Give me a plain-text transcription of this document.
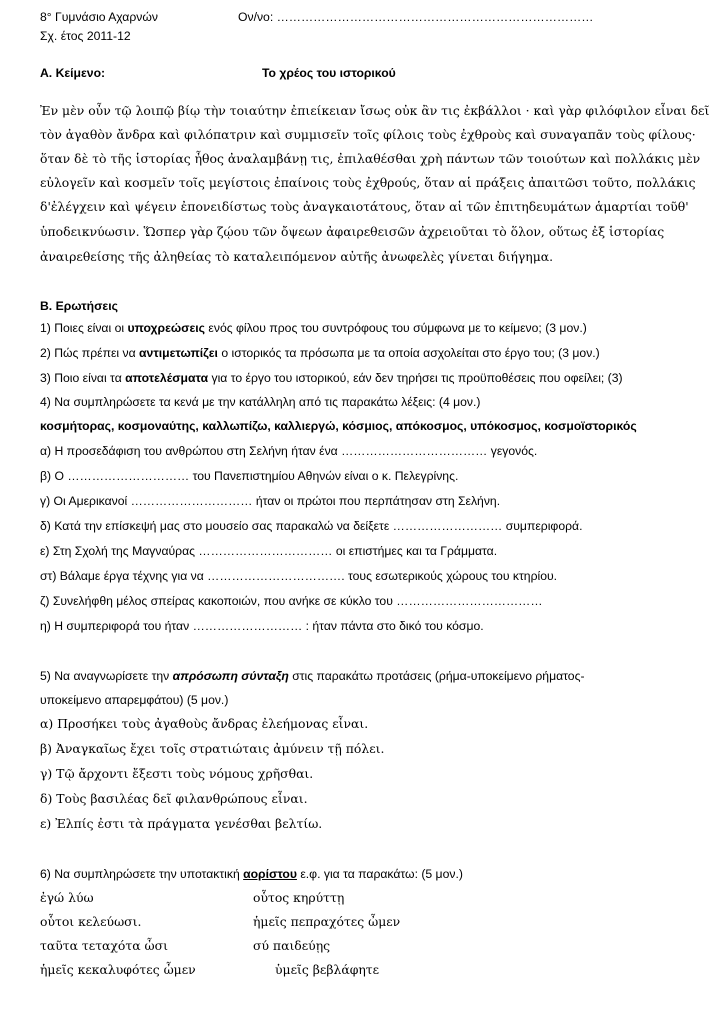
8° Γυμνάσιο Αχαρνών	Ον/νο: ……………………………………………………………………
Σχ. έτος 2011-12
Α. Κείμενο:	Το χρέος του ιστορικού
Ἐν μὲν οὖν τῷ λοιπῷ βίῳ τὴν τοιαύτην ἐπιείκειαν ἴσως οὐκ ἂν τις ἐκβάλλοι · καὶ γὰρ φιλόφιλον εἶναι δεῖ
τὸν ἀγαθὸν ἄνδρα καὶ φιλόπατριν καὶ συμμισεῖν τοῖς φίλοις τοὺς ἐχθροὺς καὶ συναγαπᾶν τοὺς φίλους·
ὅταν δὲ τὸ τῆς ἱστορίας ἦθος ἀναλαμβάνῃ τις, ἐπιλαθέσθαι χρὴ πάντων τῶν τοιούτων καὶ πολλάκις μὲν
εὐλογεῖν καὶ κοσμεῖν τοῖς μεγίστοις ἐπαίνοις τοὺς ἐχθρούς, ὅταν αἱ πράξεις ἀπαιτῶσι τοῦτο, πολλάκις
δ'ἐλέγχειν καὶ ψέγειν ἐπονειδίστως τοὺς ἀναγκαιοτάτους, ὅταν αἱ τῶν ἐπιτηδευμάτων ἁμαρτίαι τοῦθ'
ὑποδεικνύωσιν. Ὥσπερ γὰρ ζῴου τῶν ὄψεων ἀφαιρεθεισῶν ἀχρειοῦται τὸ ὅλον, οὕτως ἐξ ἱστορίας
ἀναιρεθείσης τῆς ἀληθείας τὸ καταλειπόμενον αὐτῆς ἀνωφελὲς γίνεται διήγημα.
Β. Ερωτήσεις
1) Ποιες είναι οι υποχρεώσεις ενός φίλου προς του συντρόφους του σύμφωνα με το κείμενο; (3 μον.)
2) Πώς πρέπει να αντιμετωπίζει ο ιστορικός τα πρόσωπα με τα οποία ασχολείται στο έργο του; (3 μον.)
3) Ποιο είναι τα αποτελέσματα για το έργο του ιστορικού, εάν δεν τηρήσει τις προϋποθέσεις που οφείλει; (3)
4) Να συμπληρώσετε τα κενά με την κατάλληλη από τις παρακάτω λέξεις: (4 μον.)
κοσμήτορας, κοσμοναύτης, καλλωπίζω, καλλιεργώ, κόσμιος, απόκοσμος, υπόκοσμος, κοσμοϊστορικός
α) Η προσεδάφιση του ανθρώπου στη Σελήνη ήταν ένα ……………………………… γεγονός.
β) Ο ………………………… του Πανεπιστημίου Αθηνών είναι ο κ. Πελεγρίνης.
γ) Οι Αμερικανοί ………………………… ήταν οι πρώτοι που περπάτησαν στη Σελήνη.
δ) Κατά την επίσκεψή μας στο μουσείο σας παρακαλώ να δείξετε ……………………… συμπεριφορά.
ε) Στη Σχολή της Μαγναύρας …………………………… οι επιστήμες και τα Γράμματα.
στ) Βάλαμε έργα τέχνης για να ……………………………. τους εσωτερικούς χώρους του κτηρίου.
ζ) Συνελήφθη μέλος σπείρας κακοποιών, που ανήκε σε κύκλο του ………………………………
η) Η συμπεριφορά του ήταν ……………………… : ήταν πάντα στο δικό του κόσμο.
5) Να αναγνωρίσετε την απρόσωπη σύνταξη στις παρακάτω προτάσεις (ρήμα-υποκείμενο ρήματος-
υποκείμενο απαρεμφάτου) (5 μον.)
α) Προσήκει τοὺς ἀγαθοὺς ἄνδρας ἐλεήμονας εἶναι.
β) Ἀναγκαῖως ἔχει τοῖς στρατιώταις ἀμύνειν τῇ πόλει.
γ) Τῷ ἄρχοντι ἔξεστι τοὺς νόμους χρῆσθαι.
δ) Τοὺς βασιλέας δεῖ φιλανθρώπους εἶναι.
ε) Ἐλπίς ἐστι τὰ πράγματα γενέσθαι βελτίω.
6) Να συμπληρώσετε την υποτακτική αορίστου ε.φ. για τα παρακάτω: (5 μον.)
ἐγώ λύω	οὗτος κηρύττῃ
οὗτοι κελεύωσι.	ἡμεῖς πεπραχότες ὦμεν
ταῦτα τεταχότα ὦσι	σύ παιδεύῃς
ἡμεῖς κεκαλυφότες ὦμεν	ὑμεῖς βεβλάφητε
